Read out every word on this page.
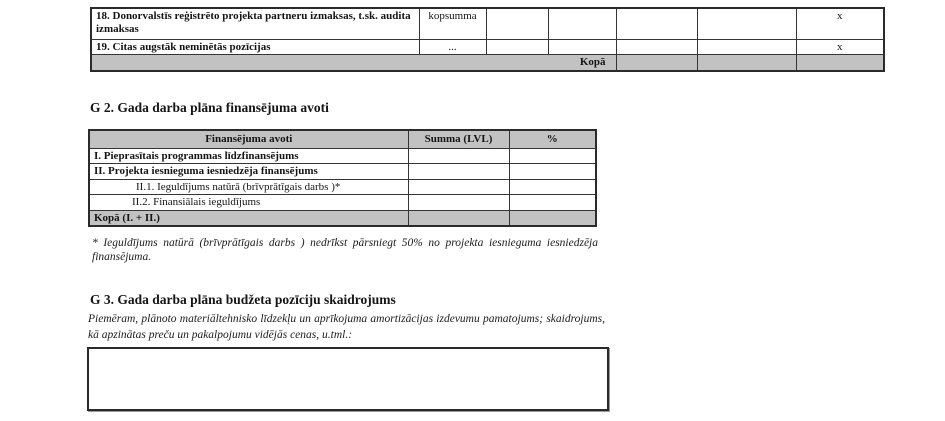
18. Donorvalstīs reģistrēto projekta partneru izmaksas, t.sk. audita izmaksas	kopsumma					x
19. Citas augstāk neminētās pozīcijas	...					x
Kopā						
G 2. Gada darba plāna finansējuma avoti
Finansējuma avoti	Summa (LVL)	%
I. Pieprasītais programmas līdzfinansējums		
II. Projekta iesnieguma iesniedzēja finansējums		
II.1. Ieguldījums natūrā (brīvprātīgais darbs )*		
II.2. Finansiālais ieguldījums		
Kopā (I. + II.)		

* Ieguldījums natūrā (brīvprātīgais darbs ) nedrīkst pārsniegt 50% no projekta iesnieguma iesniedzēja finansējuma.

G 3. Gada darba plāna budžeta pozīciju skaidrojums

Piemēram, plānoto materiāltehnisko līdzekļu un aprīkojuma amortizācijas izdevumu pamatojums; skaidrojums, kā apzinātas preču un pakalpojumu vidējās cenas, u.tml.:
